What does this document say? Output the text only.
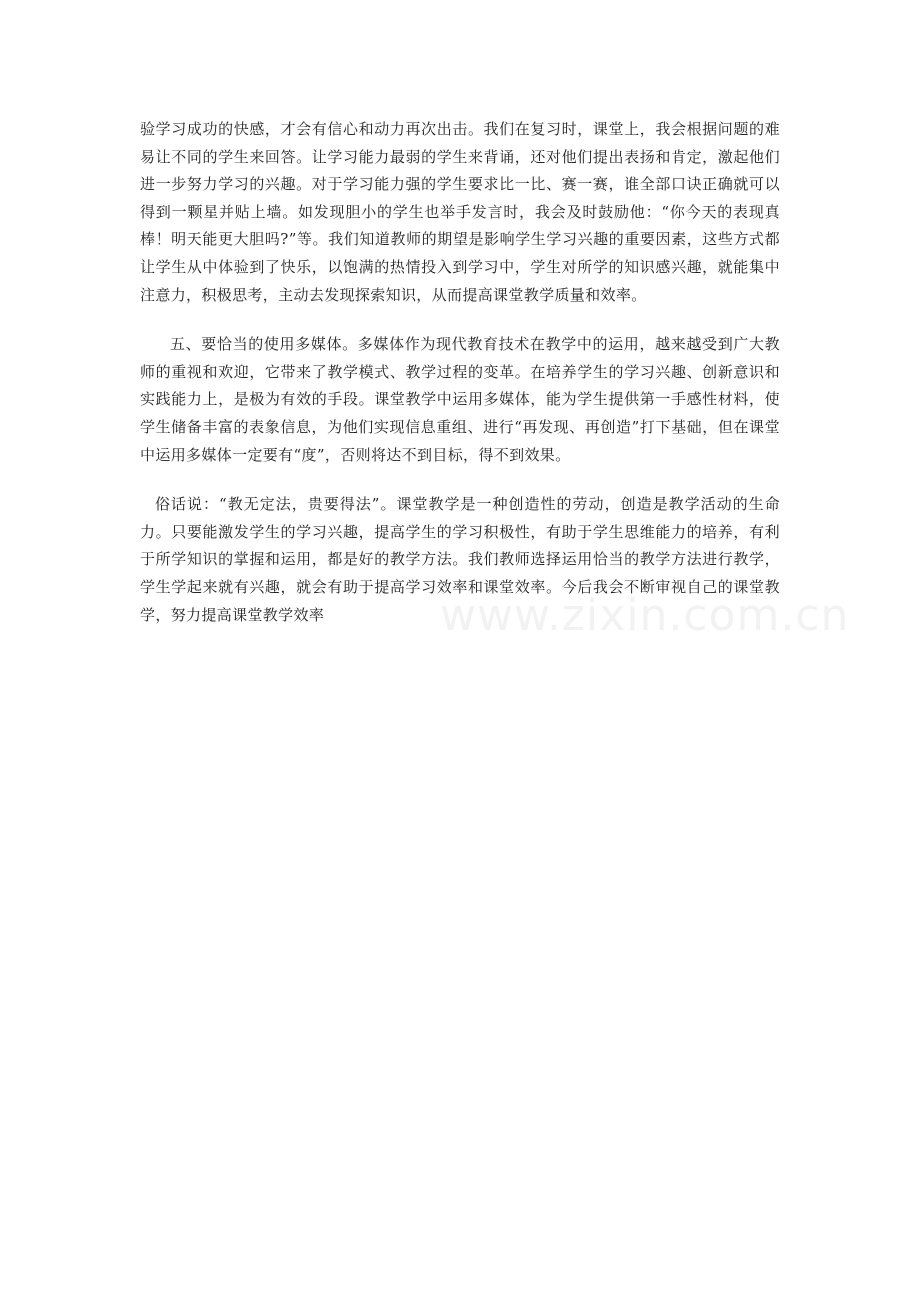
验学习成功的快感，才会有信心和动力再次出击。我们在复习时，课堂上，我会根据问题的难易让不同的学生来回答。让学习能力最弱的学生来背诵，还对他们提出表扬和肯定，激起他们进一步努力学习的兴趣。对于学习能力强的学生要求比一比、赛一赛，谁全部口诀正确就可以得到一颗星并贴上墙。如发现胆小的学生也举手发言时，我会及时鼓励他：“你今天的表现真棒！明天能更大胆吗?”等。我们知道教师的期望是影响学生学习兴趣的重要因素，这些方式都让学生从中体验到了快乐，以饱满的热情投入到学习中，学生对所学的知识感兴趣，就能集中注意力，积极思考，主动去发现探索知识，从而提高课堂教学质量和效率。

五、要恰当的使用多媒体。多媒体作为现代教育技术在教学中的运用，越来越受到广大教师的重视和欢迎，它带来了教学模式、教学过程的变革。在培养学生的学习兴趣、创新意识和实践能力上，是极为有效的手段。课堂教学中运用多媒体，能为学生提供第一手感性材料，使学生储备丰富的表象信息，为他们实现信息重组、进行“再发现、再创造”打下基础，但在课堂中运用多媒体一定要有“度”，否则将达不到目标，得不到效果。

俗话说：“教无定法，贵要得法”。课堂教学是一种创造性的劳动，创造是教学活动的生命力。只要能激发学生的学习兴趣，提高学生的学习积极性，有助于学生思维能力的培养，有利于所学知识的掌握和运用，都是好的教学方法。我们教师选择运用恰当的教学方法进行教学，学生学起来就有兴趣，就会有助于提高学习效率和课堂效率。今后我会不断审视自己的课堂教学，努力提高课堂教学效率	www.zixin.com.cn
